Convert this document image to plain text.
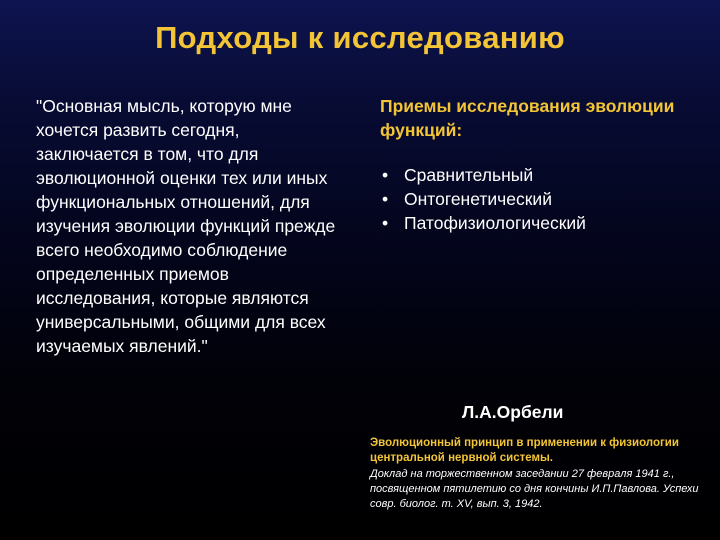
Подходы к исследованию
"Основная мысль, которую мне хочется развить сегодня, заключается в том, что для эволюционной оценки тех или иных функциональных отношений, для изучения эволюции функций прежде всего необходимо соблюдение определенных приемов исследования, которые являются универсальными, общими для всех изучаемых явлений."
Приемы исследования эволюции функций:
• Сравнительный
• Онтогенетический
• Патофизиологический
Л.А.Орбели
Эволюционный принцип в применении к физиологии центральной нервной системы.
Доклад на торжественном заседании 27 февраля 1941 г., посвященном пятилетию со дня кончины И.П.Павлова. Успехи совр. биолог. т. XV, вып. 3, 1942.
